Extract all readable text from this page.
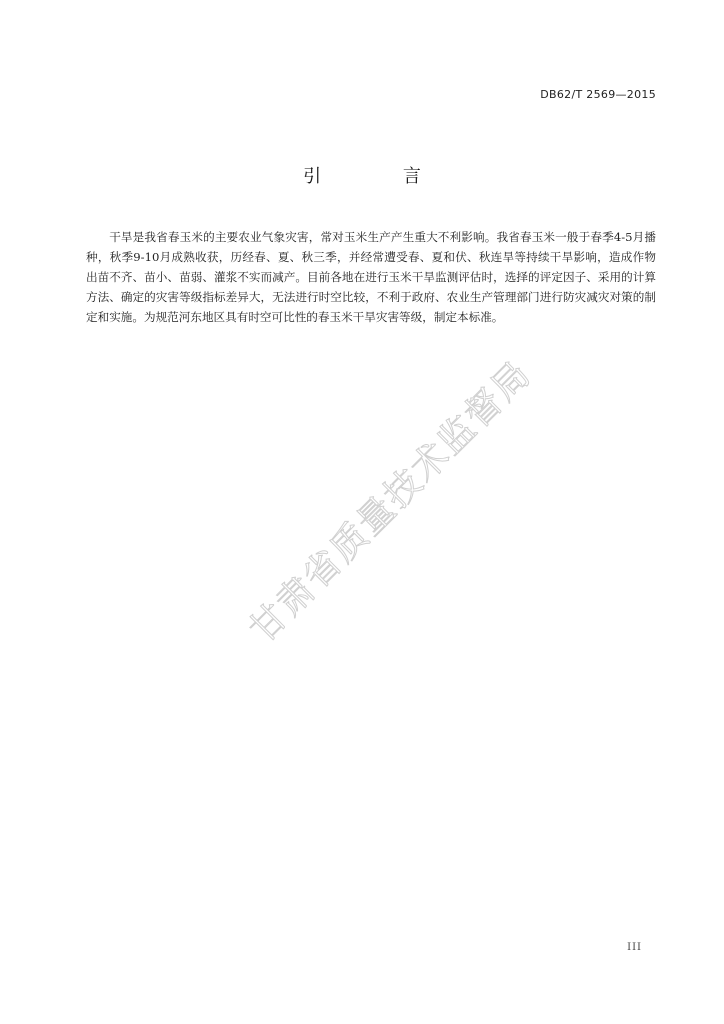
DB62/T 2569—2015
引 言

干旱是我省春玉米的主要农业气象灾害，常对玉米生产产生重大不利影响。我省春玉米一般于春季4-5月播种，秋季9-10月成熟收获，历经春、夏、秋三季，并经常遭受春、夏和伏、秋连旱等持续干旱影响，造成作物出苗不齐、苗小、苗弱、灌浆不实而减产。目前各地在进行玉米干旱监测评估时，选择的评定因子、采用的计算方法、确定的灾害等级指标差异大，无法进行时空比较，不利于政府、农业生产管理部门进行防灾减灾对策的制定和实施。为规范河东地区具有时空可比性的春玉米干旱灾害等级，制定本标准。

甘肃省质量技术监督局
III
